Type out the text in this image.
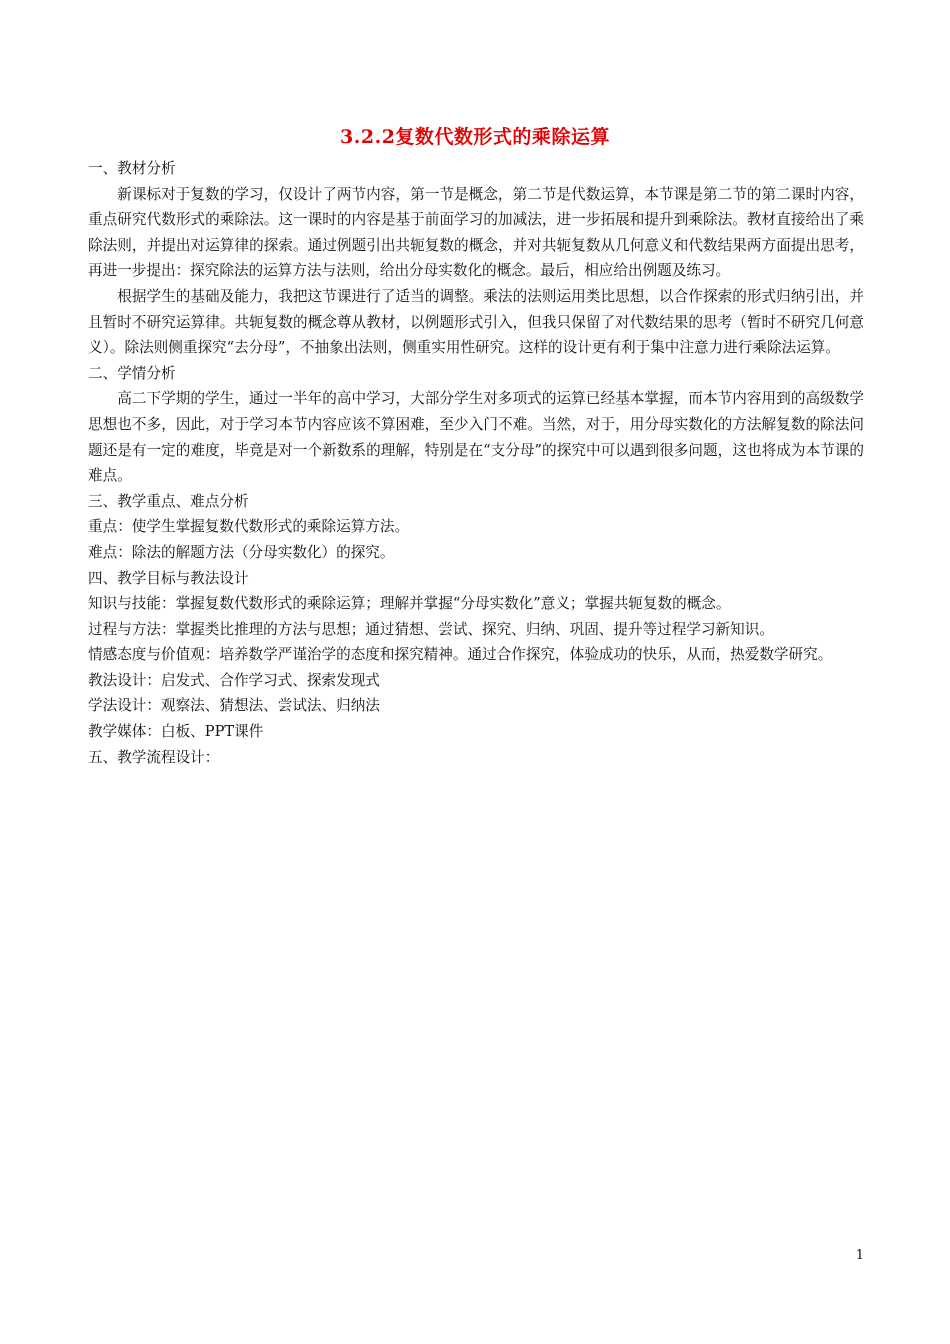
3.2.2复数代数形式的乘除运算

一、教材分析

新课标对于复数的学习，仅设计了两节内容，第一节是概念，第二节是代数运算，本节课是第二节的第二课时内容，重点研究代数形式的乘除法。这一课时的内容是基于前面学习的加减法，进一步拓展和提升到乘除法。教材直接给出了乘除法则，并提出对运算律的探索。通过例题引出共轭复数的概念，并对共轭复数从几何意义和代数结果两方面提出思考，再进一步提出：探究除法的运算方法与法则，给出分母实数化的概念。最后，相应给出例题及练习。

根据学生的基础及能力，我把这节课进行了适当的调整。乘法的法则运用类比思想，以合作探索的形式归纳引出，并且暂时不研究运算律。共轭复数的概念尊从教材，以例题形式引入，但我只保留了对代数结果的思考（暂时不研究几何意义）。除法则侧重探究“去分母”，不抽象出法则，侧重实用性研究。这样的设计更有利于集中注意力进行乘除法运算。

二、学情分析

高二下学期的学生，通过一半年的高中学习，大部分学生对多项式的运算已经基本掌握，而本节内容用到的高级数学思想也不多，因此，对于学习本节内容应该不算困难，至少入门不难。当然，对于，用分母实数化的方法解复数的除法问题还是有一定的难度，毕竟是对一个新数系的理解，特别是在“支分母”的探究中可以遇到很多问题，这也将成为本节课的难点。

三、教学重点、难点分析

重点：使学生掌握复数代数形式的乘除运算方法。

难点：除法的解题方法（分母实数化）的探究。

四、教学目标与教法设计

知识与技能：掌握复数代数形式的乘除运算；理解并掌握“分母实数化”意义；掌握共轭复数的概念。

过程与方法：掌握类比推理的方法与思想；通过猜想、尝试、探究、归纳、巩固、提升等过程学习新知识。

情感态度与价值观：培养数学严谨治学的态度和探究精神。通过合作探究，体验成功的快乐，从而，热爱数学研究。

教法设计：启发式、合作学习式、探索发现式

学法设计：观察法、猜想法、尝试法、归纳法

教学媒体：白板、PPT课件

五、教学流程设计：

1
